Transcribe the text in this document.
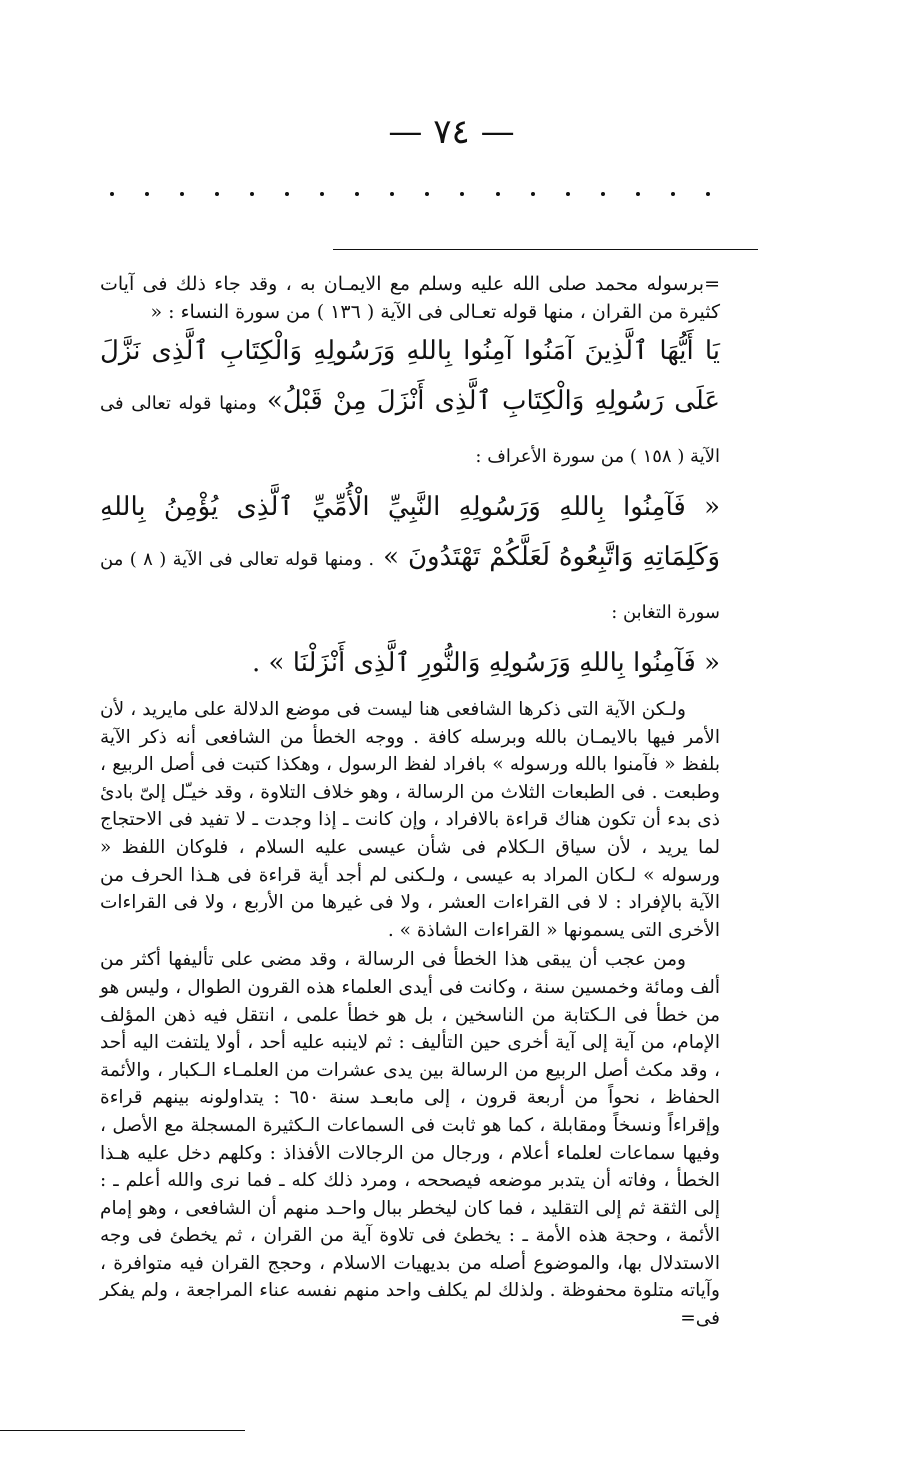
— ٧٤ —

=برسوله محمد صلى الله عليه وسلم مع الايمـان به ، وقد جاء ذلك فى آيات كثيرة من القران ، منها قوله تعـالى فى الآية ( ١٣٦ ) من سورة النساء : «

يَا أَيُّهَا ٱلَّذِينَ آمَنُوا آمِنُوا بِاللهِ وَرَسُولِهِ وَالْكِتَابِ ٱلَّذِى نَزَّلَ عَلَى رَسُولِهِ وَالْكِتَابِ ٱلَّذِى أَنْزَلَ مِنْ قَبْلُ» ومنها قوله تعالى فى الآية ( ١٥٨ ) من سورة الأعراف :

« فَآمِنُوا بِاللهِ وَرَسُولِهِ النَّبِيِّ الْأُمِّيِّ ٱلَّذِى يُؤْمِنُ بِاللهِ وَكَلِمَاتِهِ وَاتَّبِعُوهُ لَعَلَّكُمْ تَهْتَدُونَ » . ومنها قوله تعالى فى الآية ( ٨ ) من سورة التغابن :

« فَآمِنُوا بِاللهِ وَرَسُولِهِ وَالنُّورِ ٱلَّذِى أَنْزَلْنَا » .

ولـكن الآية التى ذكرها الشافعى هنا ليست فى موضع الدلالة على مايريد ، لأن الأمر فيها بالايمـان بالله وبرسله كافة . ووجه الخطأ من الشافعى أنه ذكر الآية بلفظ « فآمنوا بالله ورسوله » بافراد لفظ الرسول ، وهكذا كتبت فى أصل الربيع ، وطبعت . فى الطبعات الثلاث من الرسالة ، وهو خلاف التلاوة ، وقد خيـّل إلىّ بادئ ذى بدء أن تكون هناك قراءة بالافراد ، وإن كانت ـ إذا وجدت ـ لا تفيد فى الاحتجاج لما يريد ، لأن سياق الـكلام فى شأن عيسى عليه السلام ، فلوكان اللفظ « ورسوله » لـكان المراد به عيسى ، ولـكنى لم أجد أية قراءة فى هـذا الحرف من الآية بالإفراد : لا فى القراءات العشر ، ولا فى غيرها من الأربع ، ولا فى القراءات الأخرى التى يسمونها « القراءات الشاذة » .

ومن عجب أن يبقى هذا الخطأ فى الرسالة ، وقد مضى على تأليفها أكثر من ألف ومائة وخمسين سنة ، وكانت فى أيدى العلماء هذه القرون الطوال ، وليس هو من خطأ فى الـكتابة من الناسخين ، بل هو خطأ علمى ، انتقل فيه ذهن المؤلف الإمام، من آية إلى آية أخرى حين التأليف : ثم لاينبه عليه أحد ، أولا يلتفت اليه أحد ، وقد مكث أصل الربيع من الرسالة بين يدى عشرات من العلمـاء الـكبار ، والأئمة الحفاظ ، نحواً من أربعة قرون ، إلى مابعـد سنة ٦٥٠ : يتداولونه بينهم قراءة وإقراءاً ونسخاً ومقابلة ، كما هو ثابت فى السماعات الـكثيرة المسجلة مع الأصل ، وفيها سماعات لعلماء أعلام ، ورجال من الرجالات الأفذاذ : وكلهم دخل عليه هـذا الخطأ ، وفاته أن يتدبر موضعه فيصححه ، ومرد ذلك كله ـ فما نرى والله أعلم ـ : إلى الثقة ثم إلى التقليد ، فما كان ليخطر ببال واحـد منهم أن الشافعى ، وهو إمام الأئمة ، وحجة هذه الأمة ـ : يخطئ فى تلاوة آية من القران ، ثم يخطئ فى وجه الاستدلال بها، والموضوع أصله من بديهيات الاسلام ، وحجج القران فيه متوافرة ، وآياته متلوة محفوظة . ولذلك لم يكلف واحد منهم نفسه عناء المراجعة ، ولم يفكر فى=
